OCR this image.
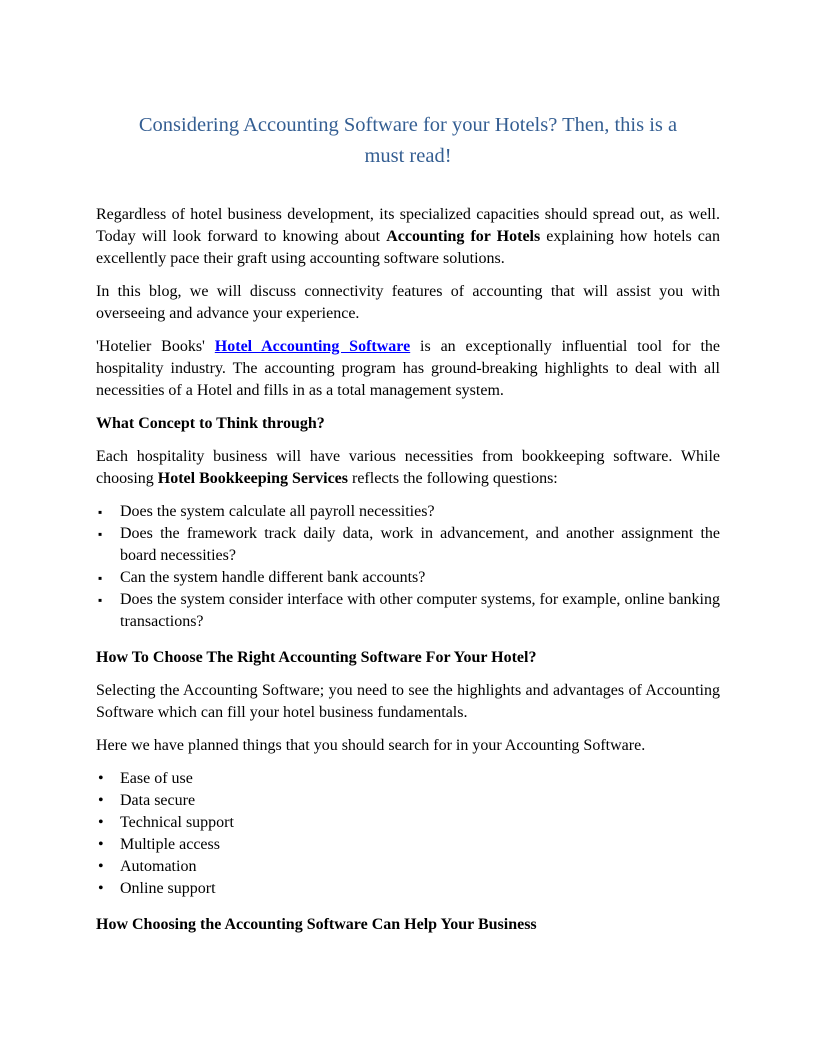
Considering Accounting Software for your Hotels? Then, this is a
must read!

Regardless of hotel business development, its specialized capacities should spread out, as well. Today will look forward to knowing about Accounting for Hotels explaining how hotels can excellently pace their graft using accounting software solutions.

In this blog, we will discuss connectivity features of accounting that will assist you with overseeing and advance your experience.

'Hotelier Books' Hotel Accounting Software is an exceptionally influential tool for the hospitality industry. The accounting program has ground-breaking highlights to deal with all necessities of a Hotel and fills in as a total management system.

What Concept to Think through?

Each hospitality business will have various necessities from bookkeeping software. While choosing Hotel Bookkeeping Services reflects the following questions:

▪	Does the system calculate all payroll necessities?
▪	Does the framework track daily data, work in advancement, and another assignment the board necessities?
▪	Can the system handle different bank accounts?
▪	Does the system consider interface with other computer systems, for example, online banking transactions?

How To Choose The Right Accounting Software For Your Hotel?

Selecting the Accounting Software; you need to see the highlights and advantages of Accounting Software which can fill your hotel business fundamentals.

Here we have planned things that you should search for in your Accounting Software.

•	Ease of use
•	Data secure
•	Technical support
•	Multiple access
•	Automation
•	Online support

How Choosing the Accounting Software Can Help Your Business
